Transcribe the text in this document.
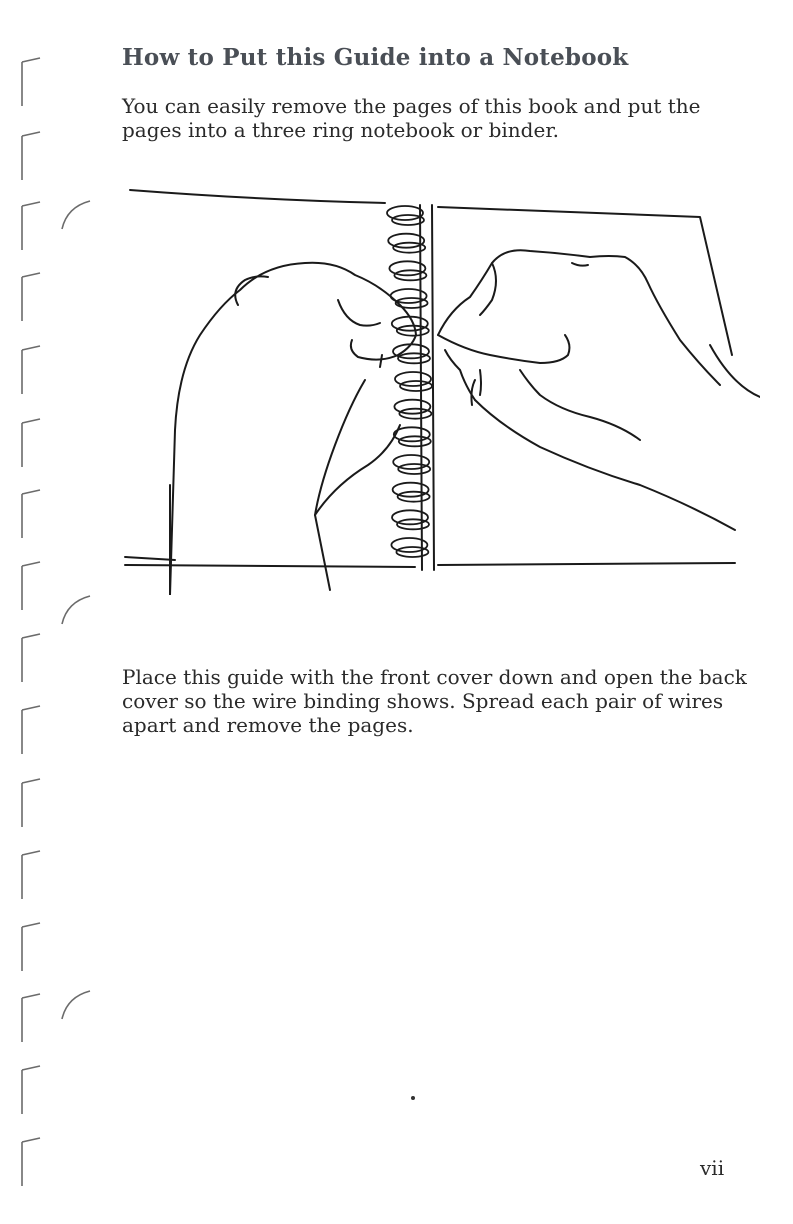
How to Put this Guide into a Notebook

You can easily remove the pages of this book and put the pages into a three ring notebook or binder.

Place this guide with the front cover down and open the back cover so the wire binding shows. Spread each pair of wires apart and remove the pages.

vii
